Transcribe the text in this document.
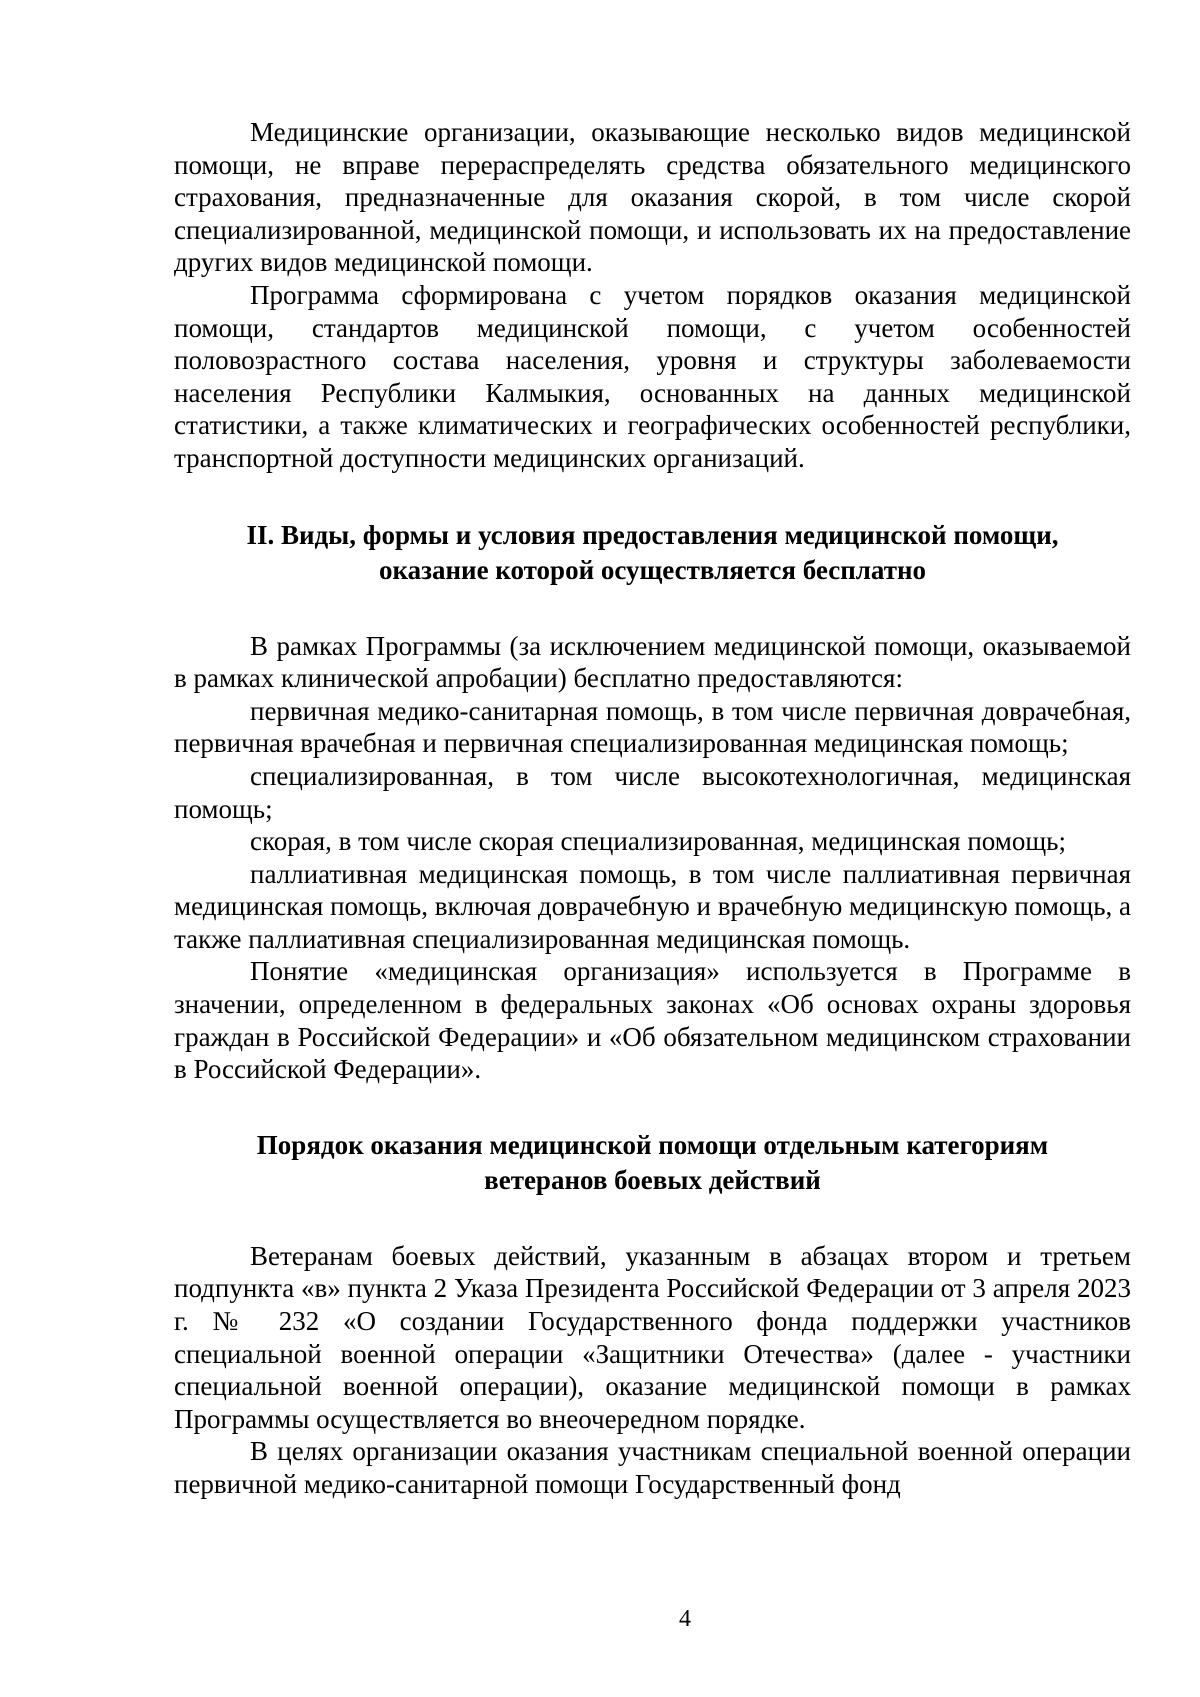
Медицинские организации, оказывающие несколько видов медицинской помощи, не вправе перераспределять средства обязательного медицинского страхования, предназначенные для оказания скорой, в том числе скорой специализированной, медицинской помощи, и использовать их на предоставление других видов медицинской помощи.

Программа сформирована с учетом порядков оказания медицинской помощи, стандартов медицинской помощи, с учетом особенностей половозрастного состава населения, уровня и структуры заболеваемости населения Республики Калмыкия, основанных на данных медицинской статистики, а также климатических и географических особенностей республики, транспортной доступности медицинских организаций.

II. Виды, формы и условия предоставления медицинской помощи,
оказание которой осуществляется бесплатно

В рамках Программы (за исключением медицинской помощи, оказываемой в рамках клинической апробации) бесплатно предоставляются:

первичная медико-санитарная помощь, в том числе первичная доврачебная, первичная врачебная и первичная специализированная медицинская помощь;

специализированная, в том числе высокотехнологичная, медицинская помощь;

скорая, в том числе скорая специализированная, медицинская помощь;

паллиативная медицинская помощь, в том числе паллиативная первичная медицинская помощь, включая доврачебную и врачебную медицинскую помощь, а также паллиативная специализированная медицинская помощь.

Понятие «медицинская организация» используется в Программе в значении, определенном в федеральных законах «Об основах охраны здоровья граждан в Российской Федерации» и «Об обязательном медицинском страховании в Российской Федерации».

Порядок оказания медицинской помощи отдельным категориям
ветеранов боевых действий

Ветеранам боевых действий, указанным в абзацах втором и третьем подпункта «в» пункта 2 Указа Президента Российской Федерации от 3 апреля 2023 г. № 232 «О создании Государственного фонда поддержки участников специальной военной операции «Защитники Отечества» (далее - участники специальной военной операции), оказание медицинской помощи в рамках Программы осуществляется во внеочередном порядке.

В целях организации оказания участникам специальной военной операции первичной медико-санитарной помощи Государственный фонд

4
